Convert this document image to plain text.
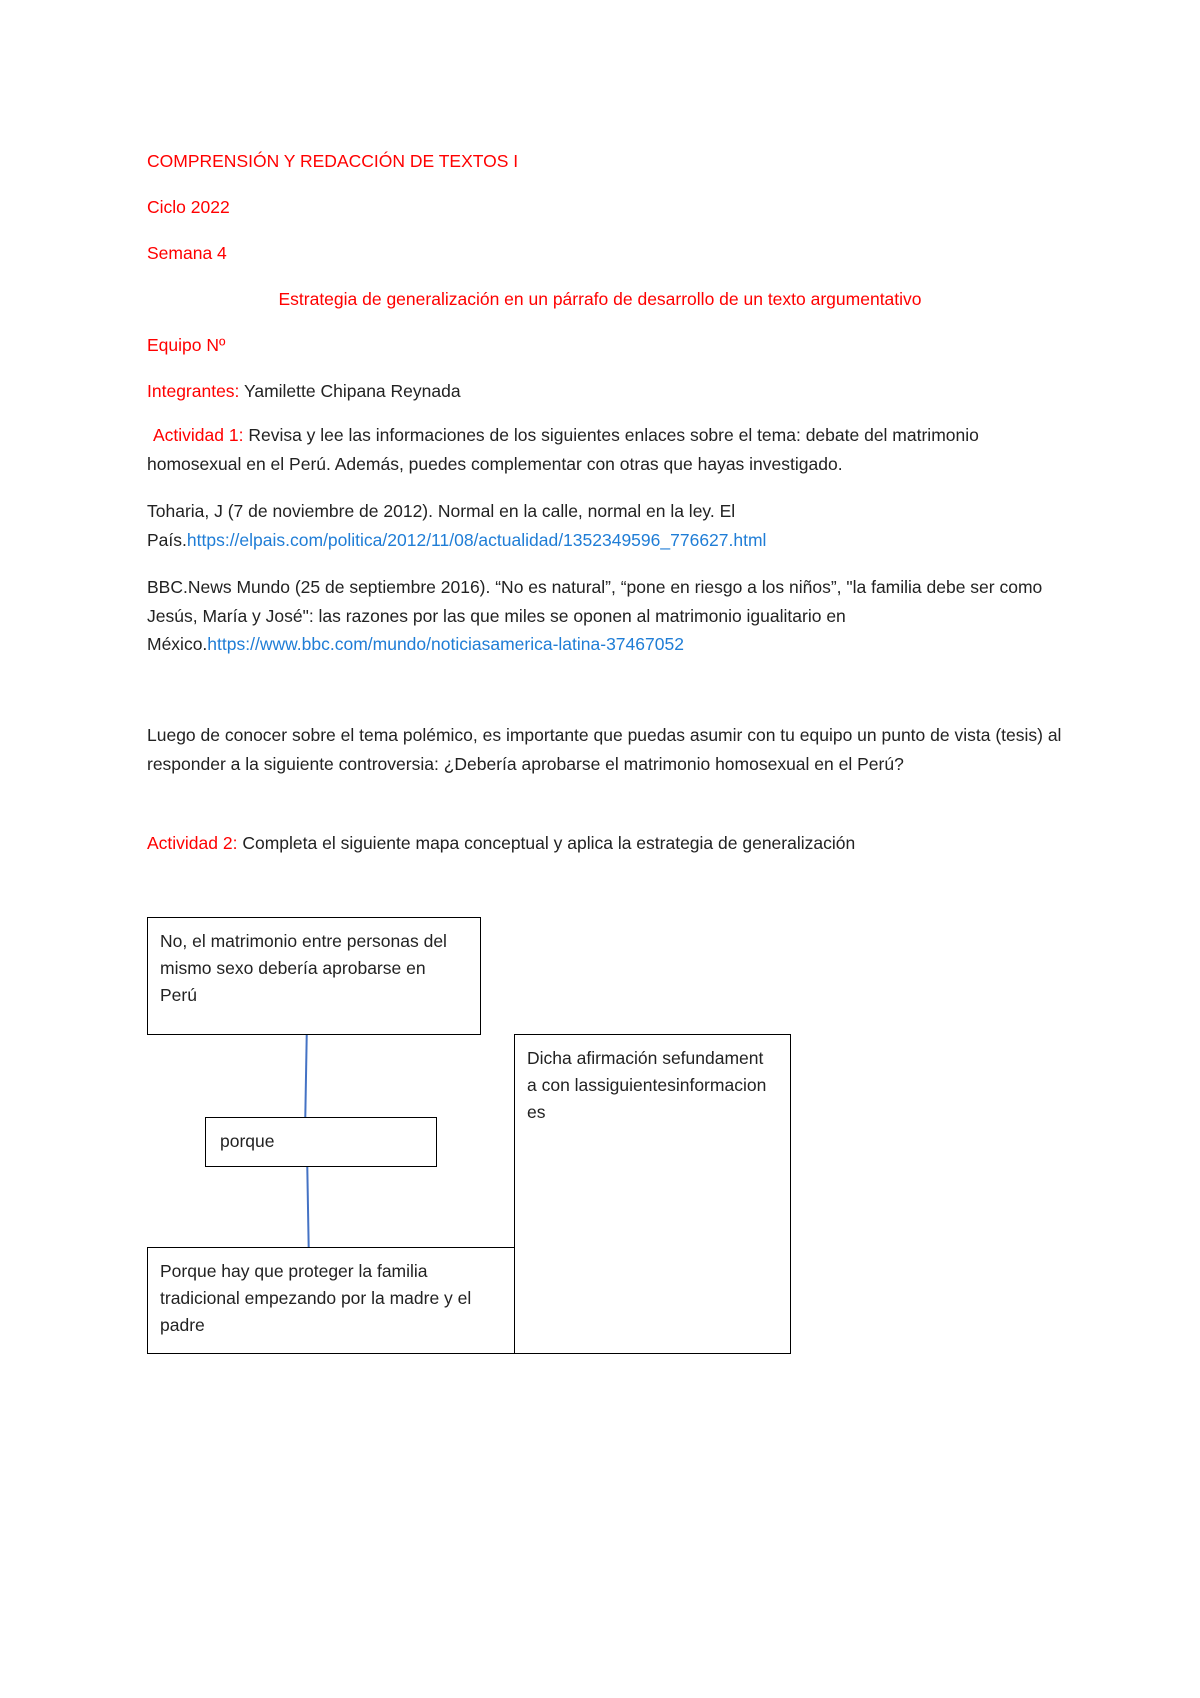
COMPRENSIÓN Y REDACCIÓN DE TEXTOS I
Ciclo 2022
Semana 4
Estrategia de generalización en un párrafo de desarrollo de un texto argumentativo
Equipo Nº
Integrantes: Yamilette Chipana Reynada
Actividad 1: Revisa y lee las informaciones de los siguientes enlaces sobre el tema: debate del matrimonio homosexual en el Perú. Además, puedes complementar con otras que hayas investigado.
Toharia, J (7 de noviembre de 2012). Normal en la calle, normal en la ley. El País.https://elpais.com/politica/2012/11/08/actualidad/1352349596_776627.html
BBC.News Mundo (25 de septiembre 2016). “No es natural”, “pone en riesgo a los niños”, "la familia debe ser como Jesús, María y José": las razones por las que miles se oponen al matrimonio igualitario en México.https://www.bbc.com/mundo/noticiasamerica-latina-37467052
Luego de conocer sobre el tema polémico, es importante que puedas asumir con tu equipo un punto de vista (tesis) al responder a la siguiente controversia: ¿Debería aprobarse el matrimonio homosexual en el Perú?
Actividad 2: Completa el siguiente mapa conceptual y aplica la estrategia de generalización
No, el matrimonio entre personas del mismo sexo debería aprobarse en Perú
porque
Porque hay que proteger la familia tradicional empezando por la madre y el padre
Dicha afirmación sefundamenta con lassiguientesinformaciones
